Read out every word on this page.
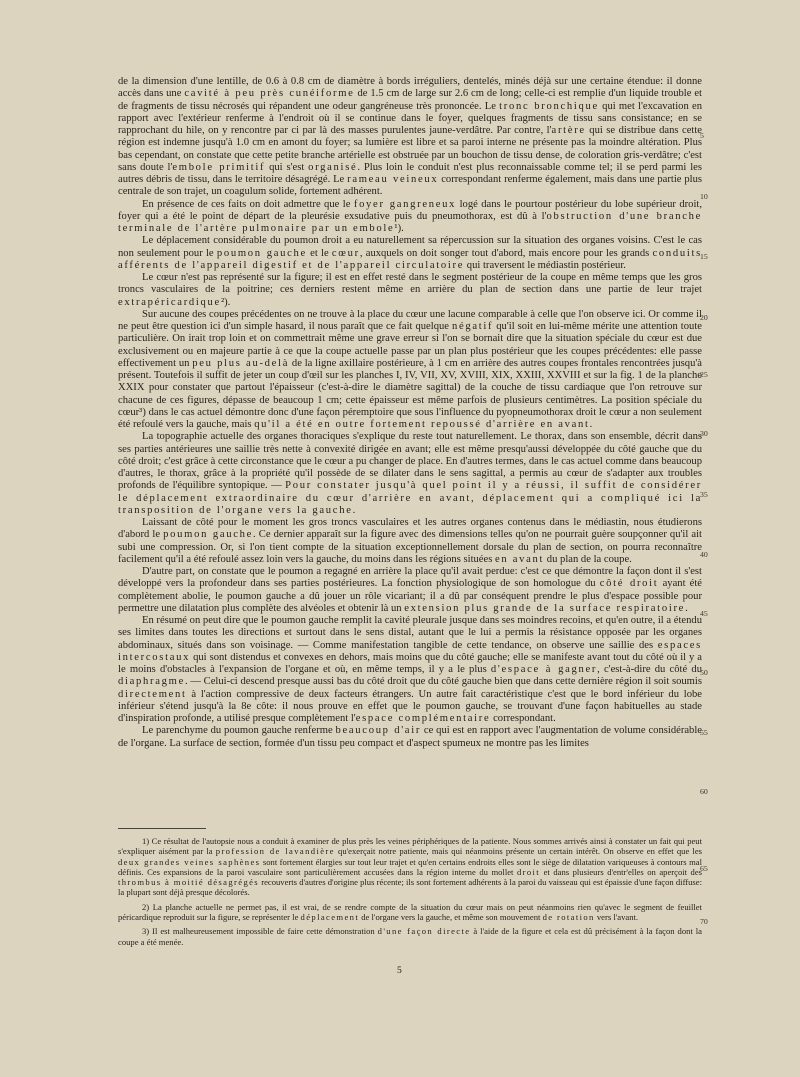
de la dimension d'une lentille, de 0.6 à 0.8 cm de diamètre à bords irréguliers, dentelés, minés déjà sur une certaine étendue: il donne accès dans une cavité à peu près cunéiforme de 1.5 cm de large sur 2.6 cm de long; celle-ci est remplie d'un liquide trouble et de fragments de tissu nécrosés qui répandent une odeur gangréneuse très prononcée. Le tronc bronchique qui met l'excavation en rapport avec l'extérieur renferme à l'endroit où il se continue dans le foyer, quelques fragments de tissu sans consistance; en se rapprochant du hile, on y rencontre par ci par là des masses purulentes jaune-verdâtre. Par contre, l'artère qui se distribue dans cette région est indemne jusqu'à 1.0 cm en amont du foyer; sa lumière est libre et sa paroi interne ne présente pas la moindre altération. Plus bas cependant, on constate que cette petite branche artérielle est obstruée par un bouchon de tissu dense, de coloration gris-verdâtre; c'est sans doute l'embole primitif qui s'est organisé. Plus loin le conduit n'est plus reconnaissable comme tel; il se perd parmi les autres débris de tissu, dans le territoire désagrégé. Le rameau veineux correspondant renferme également, mais dans une partie plus centrale de son trajet, un coagulum solide, fortement adhérent.

En présence de ces faits on doit admettre que le foyer gangreneux logé dans le pourtour postérieur du lobe supérieur droit, foyer qui a été le point de départ de la pleurésie exsudative puis du pneumothorax, est dû à l'obstruction d'une branche terminale de l'artère pulmonaire par un embole¹).

Le déplacement considérable du poumon droit a eu naturellement sa répercussion sur la situation des organes voisins. C'est le cas non seulement pour le poumon gauche et le cœur, auxquels on doit songer tout d'abord, mais encore pour les grands conduits afférents de l'appareil digestif et de l'appareil circulatoire qui traversent le médiastin postérieur.

Le cœur n'est pas représenté sur la figure; il est en effet resté dans le segment postérieur de la coupe en même temps que les gros troncs vasculaires de la poitrine; ces derniers restent même en arrière du plan de section dans une partie de leur trajet extrapéricardique²).

Sur aucune des coupes précédentes on ne trouve à la place du cœur une lacune comparable à celle que l'on observe ici. Or comme il ne peut être question ici d'un simple hasard, il nous paraît que ce fait quelque négatif qu'il soit en lui-même mérite une attention toute particulière. On irait trop loin et on commettrait même une grave erreur si l'on se bornait dire que la situation spéciale du cœur est due exclusivement ou en majeure partie à ce que la coupe actuelle passe par un plan plus postérieur que les coupes précédentes: elle passe effectivement un peu plus au-delà de la ligne axillaire postérieure, à 1 cm en arrière des autres coupes frontales rencontrées jusqu'à présent. Toutefois il suffit de jeter un coup d'œil sur les planches I, IV, VII, XV, XVIII, XIX, XXIII, XXVIII et sur la fig. 1 de la planche XXIX pour constater que partout l'épaisseur (c'est-à-dire le diamètre sagittal) de la couche de tissu cardiaque que l'on retrouve sur chacune de ces figures, dépasse de beaucoup 1 cm; cette épaisseur est même parfois de plusieurs centimètres. La position spéciale du cœur³) dans le cas actuel démontre donc d'une façon péremptoire que sous l'influence du pyopneumothorax droit le cœur a non seulement été refoulé vers la gauche, mais qu'il a été en outre fortement repoussé d'arrière en avant.

La topographie actuelle des organes thoraciques s'explique du reste tout naturellement. Le thorax, dans son ensemble, décrit dans ses parties antérieures une saillie très nette à convexité dirigée en avant; elle est même presqu'aussi développée du côté gauche que du côté droit; c'est grâce à cette circonstance que le cœur a pu changer de place. En d'autres termes, dans le cas actuel comme dans beaucoup d'autres, le thorax, grâce à la propriété qu'il possède de se dilater dans le sens sagittal, a permis au cœur de s'adapter aux troubles profonds de l'équilibre syntopique. — Pour constater jusqu'à quel point il y a réussi, il suffit de considérer le déplacement extraordinaire du cœur d'arrière en avant, déplacement qui a compliqué ici la transposition de l'organe vers la gauche.

Laissant de côté pour le moment les gros troncs vasculaires et les autres organes contenus dans le médiastin, nous étudierons d'abord le poumon gauche. Ce dernier apparaît sur la figure avec des dimensions telles qu'on ne pourrait guère soupçonner qu'il ait subi une compression. Or, si l'on tient compte de la situation exceptionnellement dorsale du plan de section, on pourra reconnaître facilement qu'il a été refoulé assez loin vers la gauche, du moins dans les régions situées en avant du plan de la coupe.

D'autre part, on constate que le poumon a regagné en arrière la place qu'il avait perdue: c'est ce que démontre la façon dont il s'est développé vers la profondeur dans ses parties postérieures. La fonction physiologique de son homologue du côté droit ayant été complètement abolie, le poumon gauche a dû jouer un rôle vicariant; il a dû par conséquent prendre le plus d'espace possible pour permettre une dilatation plus complète des alvéoles et obtenir là un extension plus grande de la surface respiratoire.

En résumé on peut dire que le poumon gauche remplit la cavité pleurale jusque dans ses moindres recoins, et qu'en outre, il a étendu ses limites dans toutes les directions et surtout dans le sens distal, autant que le lui a permis la résistance opposée par les organes abdominaux, situés dans son voisinage. — Comme manifestation tangible de cette tendance, on observe une saillie des espaces intercostaux qui sont distendus et convexes en dehors, mais moins que du côté gauche; elle se manifeste avant tout du côté où il y a le moins d'obstacles à l'expansion de l'organe et où, en même temps, il y a le plus d'espace à gagner, c'est-à-dire du côté du diaphragme. — Celui-ci descend presque aussi bas du côté droit que du côté gauche bien que dans cette dernière région il soit soumis directement à l'action compressive de deux facteurs étrangers. Un autre fait caractéristique c'est que le bord inférieur du lobe inférieur s'étend jusqu'à la 8e côte: il nous prouve en effet que le poumon gauche, se trouvant d'une façon habituelles au stade d'inspiration profonde, a utilisé presque complètement l'espace complémentaire correspondant.

Le parenchyme du poumon gauche renferme beaucoup d'air ce qui est en rapport avec l'augmentation de volume considérable de l'organe. La surface de section, formée d'un tissu peu compact et d'aspect spumeux ne montre pas les limites

5
10
15
20
25
30
35
40
45
50
55
60
65
70

1) Ce résultat de l'autopsie nous a conduit à examiner de plus près les veines périphériques de la patiente. Nous sommes arrivés ainsi à constater un fait qui peut s'expliquer aisément par la profession de lavandière qu'exerçait notre patiente, mais qui néanmoins présente un certain intérêt. On observe en effet que les deux grandes veines saphènes sont fortement élargies sur tout leur trajet et qu'en certains endroits elles sont le siège de dilatation variqueuses à contours mal définis. Ces expansions de la paroi vasculaire sont particulièrement accusées dans la région interne du mollet droit et dans plusieurs d'entr'elles on aperçoit des thrombus à moitié désagrégés recouverts d'autres d'origine plus récente; ils sont fortement adhérents à la paroi du vaisseau qui est épaissie d'une façon diffuse: la plupart sont déjà presque décolorés.

2) La planche actuelle ne permet pas, il est vrai, de se rendre compte de la situation du cœur mais on peut néanmoins rien qu'avec le segment de feuillet péricardique reproduit sur la figure, se représenter le déplacement de l'organe vers la gauche, et même son mouvement de rotation vers l'avant.

3) Il est malheureusement impossible de faire cette démonstration d'une façon directe à l'aide de la figure et cela est dû précisément à la façon dont la coupe a été menée.

5
